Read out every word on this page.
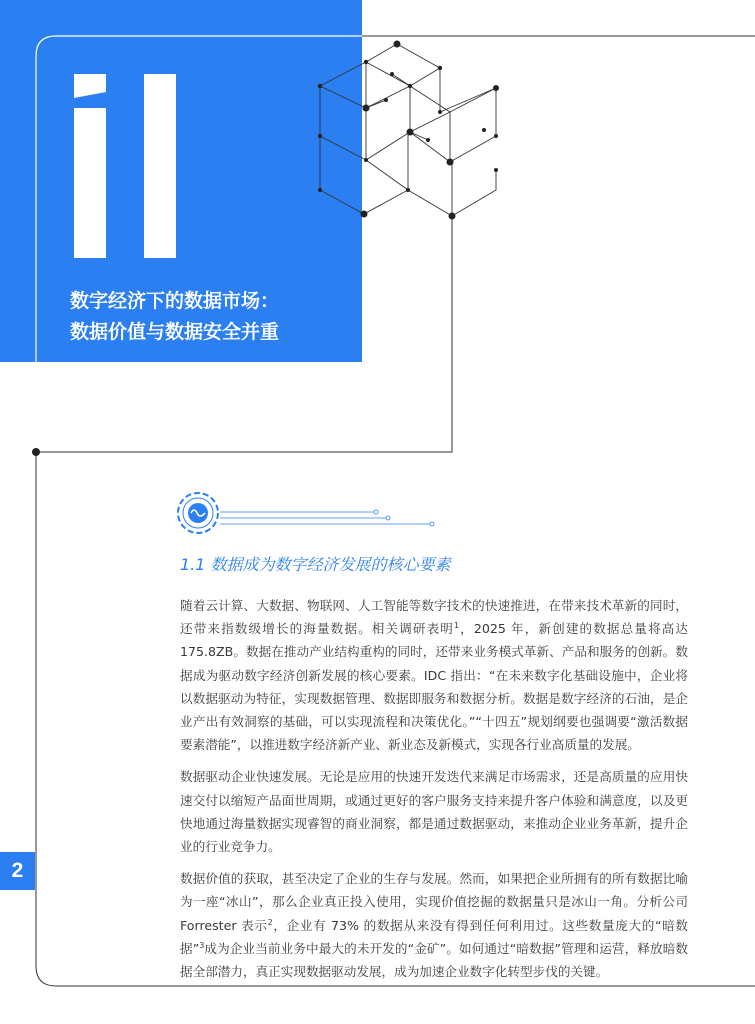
数字经济下的数据市场：
数据价值与数据安全并重
1.1 数据成为数字经济发展的核心要素

随着云计算、大数据、物联网、人工智能等数字技术的快速推进，在带来技术革新的同时，还带来指数级增长的海量数据。相关调研表明$^1$，2025 年，新创建的数据总量将高达 175.8ZB。数据在推动产业结构重构的同时，还带来业务模式革新、产品和服务的创新。数据成为驱动数字经济创新发展的核心要素。IDC 指出：“在未来数字化基础设施中，企业将以数据驱动为特征，实现数据管理、数据即服务和数据分析。数据是数字经济的石油，是企业产出有效洞察的基础，可以实现流程和决策优化。”“十四五”规划纲要也强调要“激活数据要素潜能”，以推进数字经济新产业、新业态及新模式，实现各行业高质量的发展。

数据驱动企业快速发展。无论是应用的快速开发迭代来满足市场需求，还是高质量的应用快速交付以缩短产品面世周期，或通过更好的客户服务支持来提升客户体验和满意度，以及更快地通过海量数据实现睿智的商业洞察，都是通过数据驱动，来推动企业业务革新，提升企业的行业竞争力。

数据价值的获取，甚至决定了企业的生存与发展。然而，如果把企业所拥有的所有数据比喻为一座“冰山”，那么企业真正投入使用，实现价值挖掘的数据量只是冰山一角。分析公司 Forrester 表示$^2$，企业有 73% 的数据从来没有得到任何利用过。这些数量庞大的“暗数据”$^3$成为企业当前业务中最大的未开发的“金矿”。如何通过“暗数据”管理和运营，释放暗数据全部潜力，真正实现数据驱动发展，成为加速企业数字化转型步伐的关键。

2
